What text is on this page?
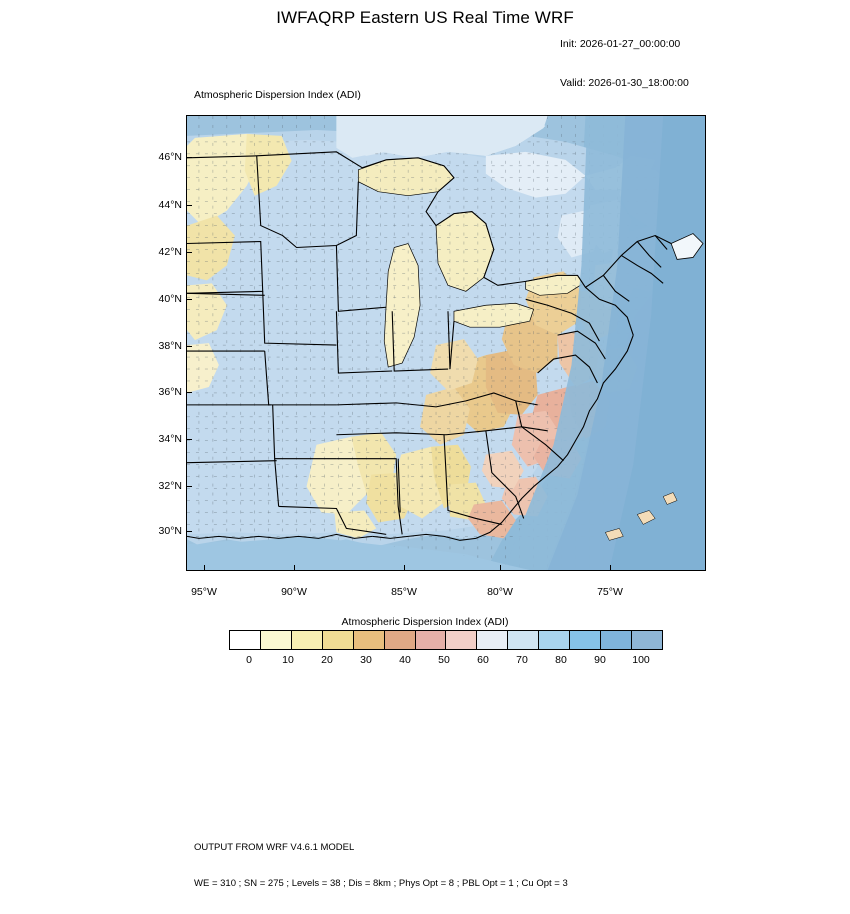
IWFAQRP Eastern US Real Time WRF

Init: 2026-01-27_00:00:00

Valid: 2026-01-30_18:00:00

Atmospheric Dispersion Index (ADI)
46°N
44°N
42°N
40°N
38°N
36°N
34°N
32°N
30°N
95°W	90°W	85°W	80°W	75°W
Atmospheric Dispersion Index (ADI)
0	10	20	30	40	50	60	70	80	90	100

OUTPUT FROM WRF V4.6.1 MODEL

WE = 310 ; SN = 275 ; Levels = 38 ; Dis = 8km ; Phys Opt = 8 ; PBL Opt = 1 ; Cu Opt = 3
